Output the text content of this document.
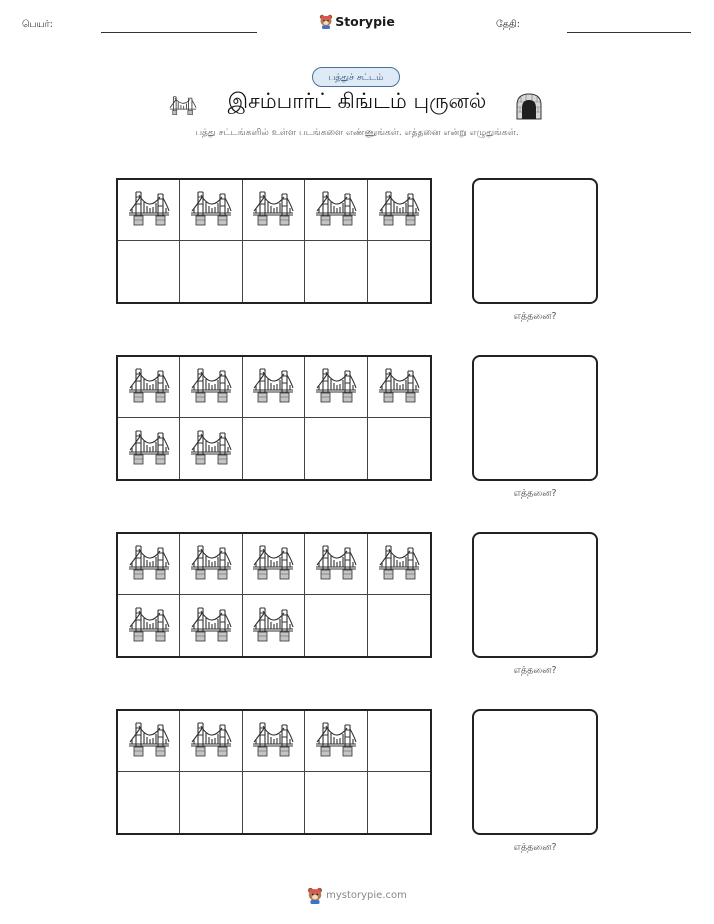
பெயர்:	Storypie	தேதி:
பத்துச் சட்டம்
இசம்பார்ட் கிங்டம் புருனல்
பத்து சட்டங்களில் உள்ள படங்களை எண்ணுங்கள். எத்தனை என்று எழுதுங்கள்.
எத்தனை?
எத்தனை?
எத்தனை?
எத்தனை?
mystorypie.com
